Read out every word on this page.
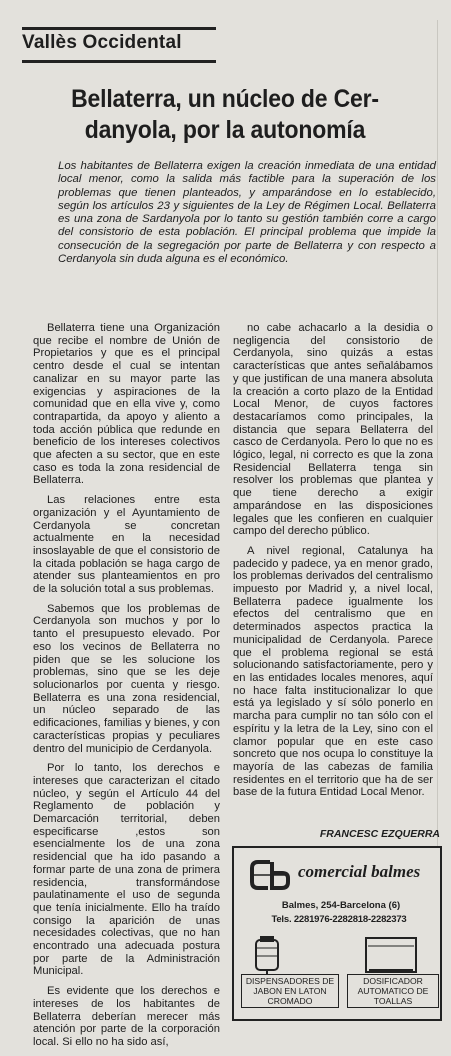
Vallès Occidental
Bellaterra, un núcleo de Cer-
danyola, por la autonomía
Los habitantes de Bellaterra exigen la creación inmediata de una entidad local menor, como la salida más factible para la superación de los problemas que tienen planteados, y amparándose en lo establecido, según los artículos 23 y siguientes de la Ley de Régimen Local. Bellaterra es una zona de Sardanyola por lo tanto su gestión también corre a cargo del consistorio de esta población. El principal problema que impide la consecución de la segregación por parte de Bellaterra y con respecto a Cerdanyola sin duda alguna es el económico.

Bellaterra tiene una Organización que recibe el nombre de Unión de Propietarios y que es el principal centro desde el cual se intentan canalizar en su mayor parte las exigencias y aspiraciones de la comunidad que en ella vive y, como contrapartida, da apoyo y aliento a toda acción pública que redunde en beneficio de los intereses colectivos que afecten a su sector, que en este caso es toda la zona residencial de Bellaterra.

Las relaciones entre esta organización y el Ayuntamiento de Cerdanyola se concretan actualmente en la necesidad insoslayable de que el consistorio de la citada población se haga cargo de atender sus planteamientos en pro de la solución total a sus problemas.

Sabemos que los problemas de Cerdanyola son muchos y por lo tanto el presupuesto elevado. Por eso los vecinos de Bellaterra no piden que se les solucione los problemas, sino que se les deje solucionarlos por cuenta y riesgo. Bellaterra es una zona residencial, un núcleo separado de las edificaciones, familias y bienes, y con características propias y peculiares dentro del municipio de Cerdanyola.

Por lo tanto, los derechos e intereses que caracterizan el citado núcleo, y según el Artículo 44 del Reglamento de población y Demarcación territorial, deben especificarse ,estos son esencialmente los de una zona residencial que ha ido pasando a formar parte de una zona de primera residencia, transformándose paulatinamente el uso de segunda que tenía inicialmente. Ello ha traído consigo la aparición de unas necesidades colectivas, que no han encontrado una adecuada postura por parte de la Administración Municipal.

Es evidente que los derechos e intereses de los habitantes de Bellaterra deberían merecer más atención por parte de la corporación local. Si ello no ha sido así,

no cabe achacarlo a la desidia o negligencia del consistorio de Cerdanyola, sino quizás a estas características que antes señalábamos y que justifican de una manera absoluta la creación a corto plazo de la Entidad Local Menor, de cuyos factores destacaríamos como principales, la distancia que separa Bellaterra del casco de Cerdanyola. Pero lo que no es lógico, legal, ni correcto es que la zona Residencial Bellaterra tenga sin resolver los problemas que plantea y que tiene derecho a exigir amparándose en las disposiciones legales que les confieren en cualquier campo del derecho público.

A nivel regional, Catalunya ha padecido y padece, ya en menor grado, los problemas derivados del centralismo impuesto por Madrid y, a nivel local, Bellaterra padece igualmente los efectos del centralismo que en determinados aspectos practica la municipalidad de Cerdanyola. Parece que el problema regional se está solucionando satisfactoriamente, pero y en las entidades locales menores, aquí no hace falta institucionalizar lo que está ya legislado y sí sólo ponerlo en marcha para cumplir no tan sólo con el espíritu y la letra de la Ley, sino con el clamor popular que en este caso soncreto que nos ocupa lo constituye la mayoría de las cabezas de familia residentes en el territorio que ha de ser base de la futura Entidad Local Menor.

FRANCESC EZQUERRA
comercial balmes
Balmes, 254-Barcelona (6)
Tels. 2281976-2282818-2282373
DISPENSADORES DE JABON EN LATON CROMADO
DOSIFICADOR AUTOMATICO DE TOALLAS
